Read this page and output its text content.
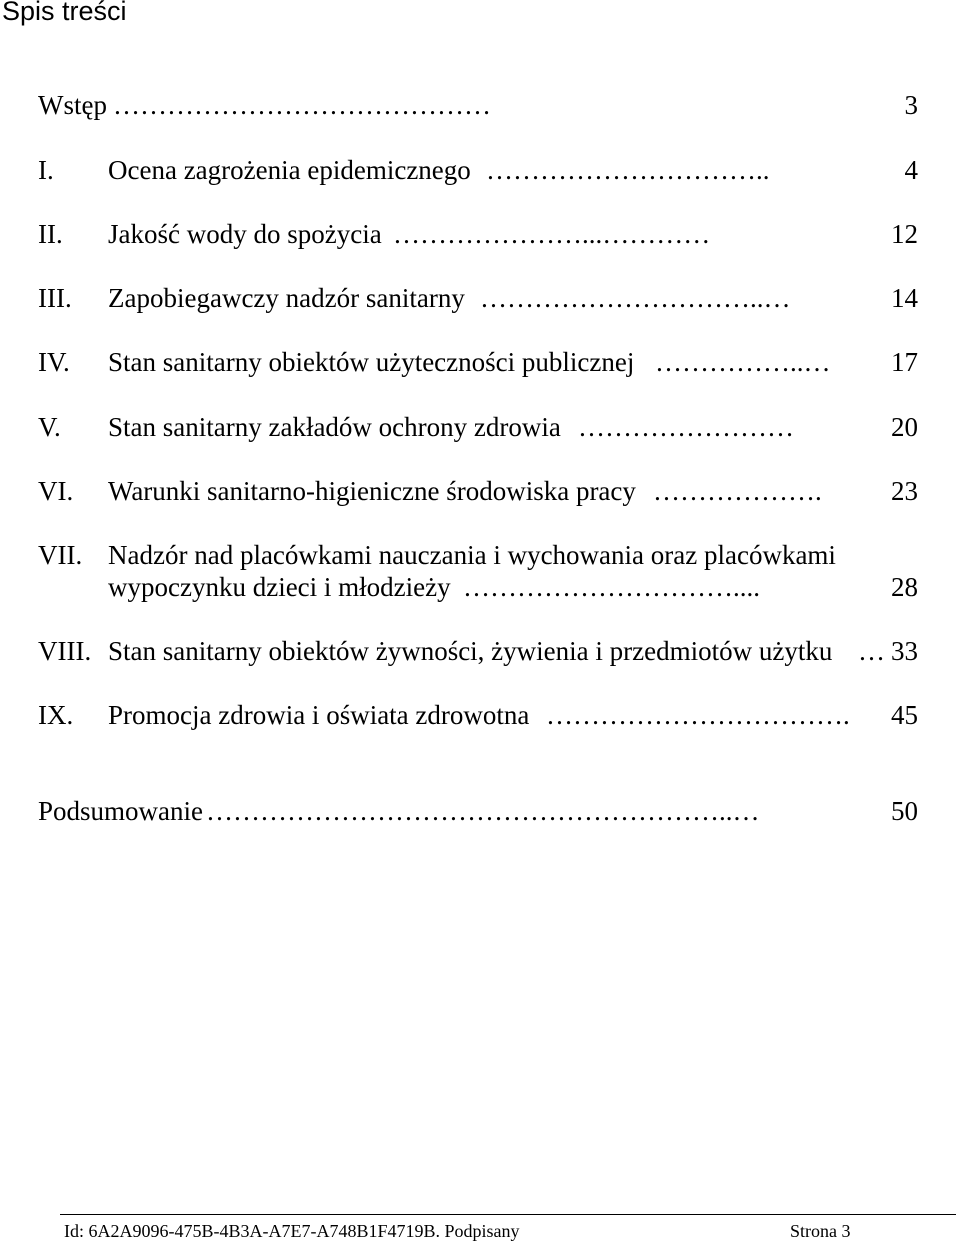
Spis treści
Wstęp ……………………………………	3
I. Ocena zagrożenia epidemicznego …………………………..	4
II. Jakość wody do spożycia …………………...…………	12
III. Zapobiegawczy nadzór sanitarny …………………………..…	14
IV. Stan sanitarny obiektów użyteczności publicznej ……………..…	17
V. Stan sanitarny zakładów ochrony zdrowia ……………………	20
VI. Warunki sanitarno-higieniczne środowiska pracy ……………….	23
VII. Nadzór nad placówkami nauczania i wychowania oraz placówkami
wypoczynku dzieci i młodzieży …………………………....	28
VIII. Stan sanitarny obiektów żywności, żywienia i przedmiotów użytku … 33
IX. Promocja zdrowia i oświata zdrowotna …………………………….	45
Podsumowanie …………………………………………………..…	50
Id: 6A2A9096-475B-4B3A-A7E7-A748B1F4719B. Podpisany	Strona 3
